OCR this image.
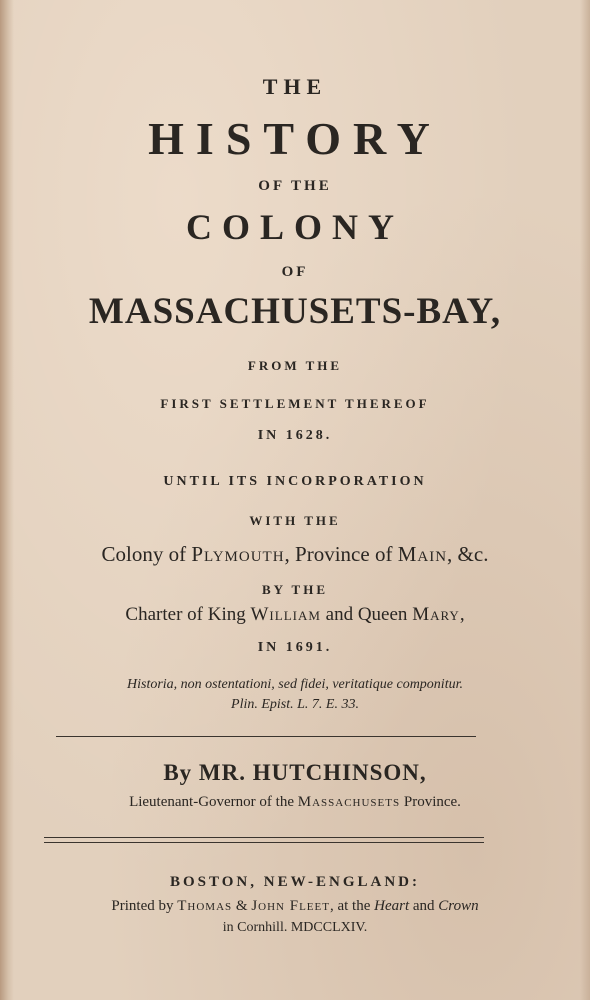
THE
HISTORY
OF THE
COLONY
OF
MASSACHUSETS-BAY,
FROM THE
FIRST SETTLEMENT THEREOF
IN 1628.
UNTIL ITS INCORPORATION
WITH THE
Colony of Plymouth, Province of Main, &c.
BY THE
Charter of King William and Queen Mary,
IN 1691.
Historia, non ostentationi, sed fidei, veritatique componitur.
Plin. Epist. L. 7. E. 33.
By MR. HUTCHINSON,
Lieutenant-Governor of the Massachusets Province.
BOSTON, NEW-ENGLAND:
Printed by Thomas & John Fleet, at the Heart and Crown
in Cornhill. MDCCLXIV.
